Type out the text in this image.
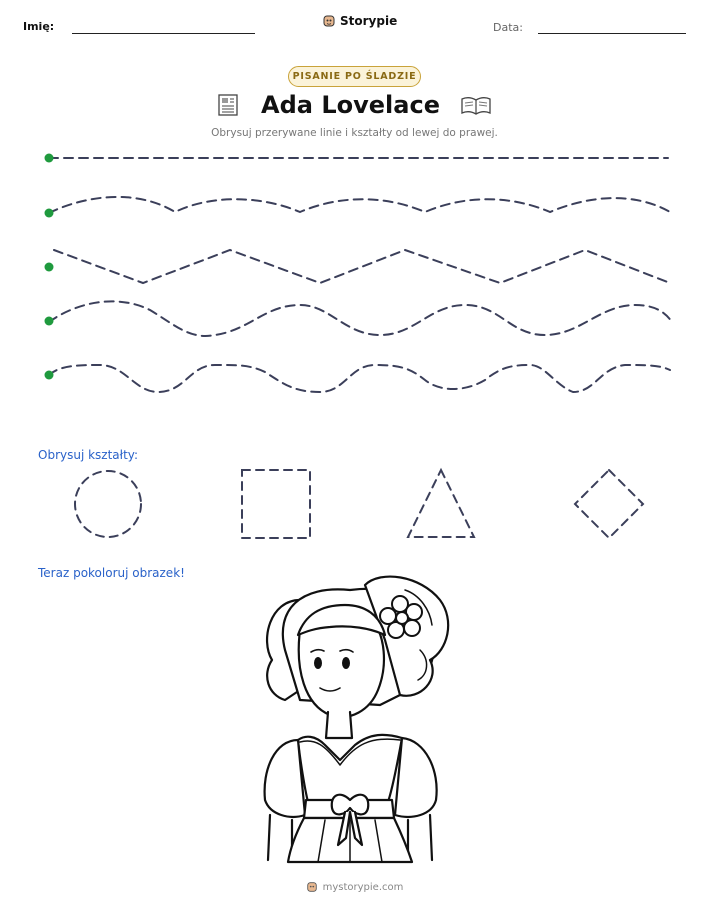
Imię:	Storypie	Data:
PISANIE PO ŚLADZIE
Ada Lovelace
Obrysuj przerywane linie i kształty od lewej do prawej.
Obrysuj kształty:
Teraz pokoloruj obrazek!
mystorypie.com
